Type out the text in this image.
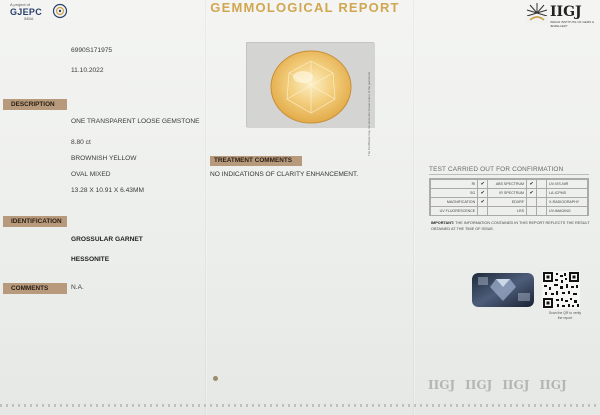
A project of
GJEPC
INDIA
GEMMOLOGICAL REPORT	IIGJ
INDIAN INSTITUTE OF GEMS & JEWELLERY
6990S171975
11.10.2022
DESCRIPTION
ONE TRANSPARENT LOOSE GEMSTONE
8.80 ct
BROWNISH YELLOW
OVAL MIXED
13.28 X 10.91 X 6.43MM
IDENTIFICATION
GROSSULAR GARNET
HESSONITE
COMMENTS	N.A.
The Certificate may not show the Actual colour of the gemstone
TREATMENT COMMENTS
NO INDICATIONS OF CLARITY ENHANCEMENT.
TEST CARRIED OUT FOR CONFIRMATION
RI	✔	ABS SPECTRUM	✔		UV-VIS-NIR
SG	✔	IR SPECTRUM	✔		LA-ICPMS
MAGNIFICATION	✔	EDXRF			X-RADIOGRAPHY
UV FLUORESCENCE		LRS			UV-IMAGING
IMPORTANT: THE INFORMATION CONTAINED IN THIS REPORT REFLECTS THE RESULT OBTAINED AT THE TIME OF ISSUE.
Scan the QR to verify the report
IIGJ IIGJ IIGJ IIGJ
